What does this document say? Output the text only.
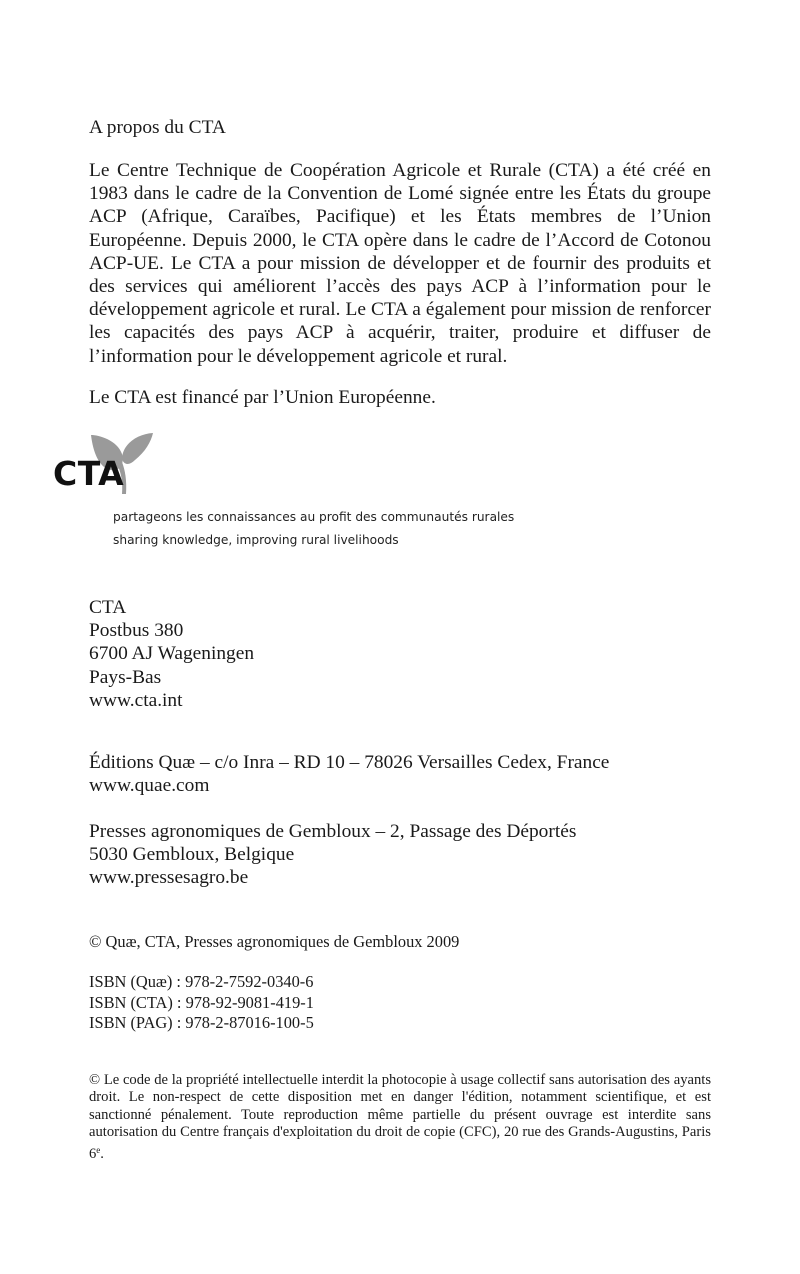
A propos du CTA

Le Centre Technique de Coopération Agricole et Rurale (CTA) a été créé en 1983 dans le cadre de la Convention de Lomé signée entre les États du groupe ACP (Afrique, Caraïbes, Pacifique) et les États membres de l’Union Européenne. Depuis 2000, le CTA opère dans le cadre de l’Accord de Cotonou ACP-UE. Le CTA a pour mission de développer et de fournir des produits et des services qui améliorent l’accès des pays ACP à l’information pour le développement agricole et rural. Le CTA a également pour mission de renforcer les capacités des pays ACP à acquérir, traiter, produire et diffuser de l’information pour le développement agricole et rural.

Le CTA est financé par l’Union Européenne.

CTA
partageons les connaissances au profit des communautés rurales
sharing knowledge, improving rural livelihoods
CTA
Postbus 380
6700 AJ Wageningen
Pays-Bas
www.cta.int
Éditions Quæ – c/o Inra – RD 10 – 78026 Versailles Cedex, France
www.quae.com
Presses agronomiques de Gembloux – 2, Passage des Déportés
5030 Gembloux, Belgique
www.pressesagro.be

© Quæ, CTA, Presses agronomiques de Gembloux 2009

ISBN (Quæ) : 978-2-7592-0340-6
ISBN (CTA) : 978-92-9081-419-1
ISBN (PAG) : 978-2-87016-100-5

© Le code de la propriété intellectuelle interdit la photocopie à usage collectif sans autorisation des ayants droit. Le non-respect de cette disposition met en danger l'édition, notamment scientifique, et est sanctionné pénalement. Toute reproduction même partielle du présent ouvrage est interdite sans autorisation du Centre français d'exploitation du droit de copie (CFC), 20 rue des Grands-Augustins, Paris 6e.
